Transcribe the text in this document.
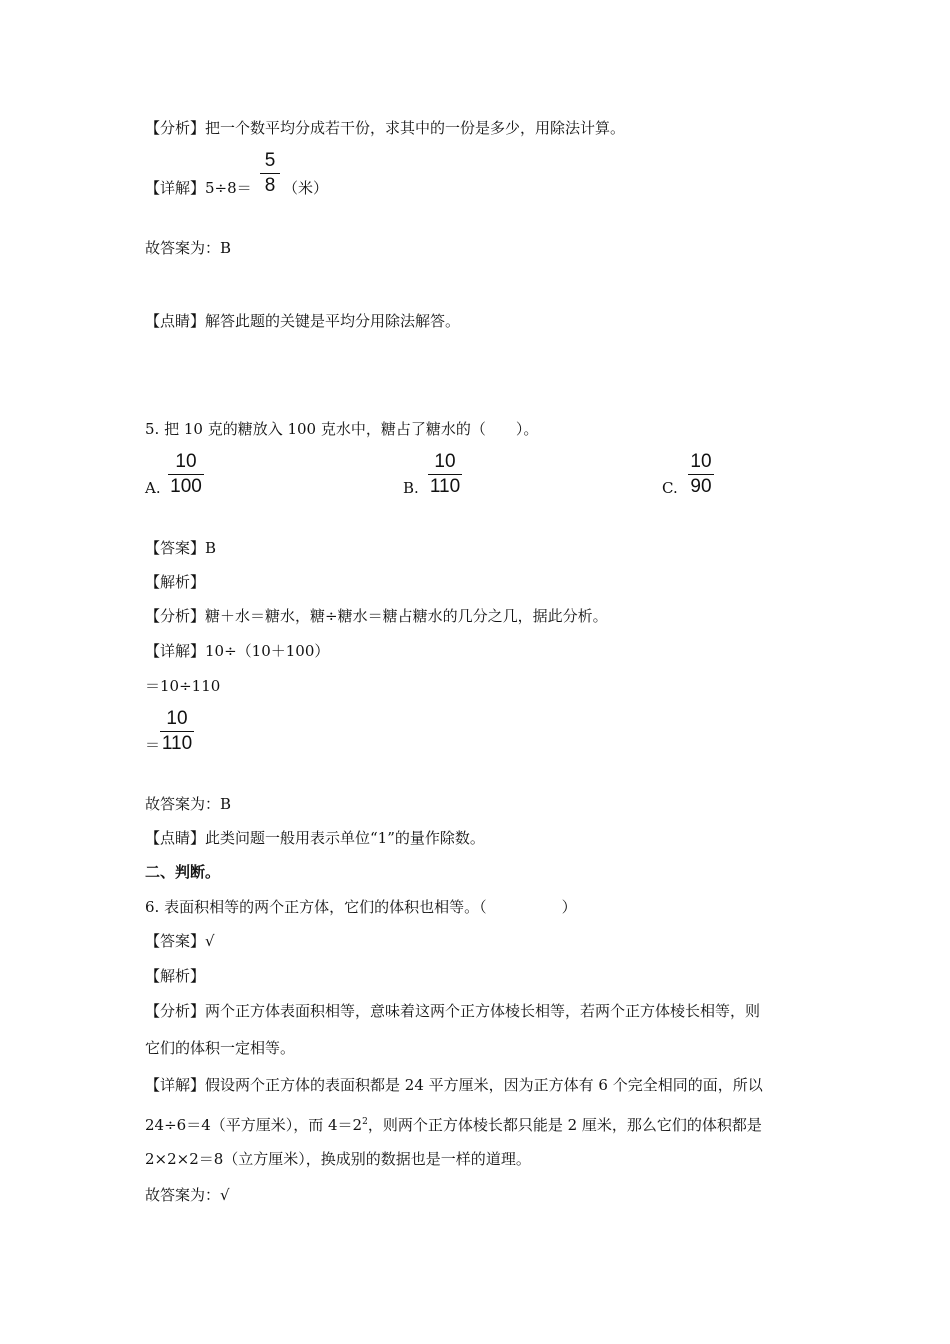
【分析】把一个数平均分成若干份，求其中的一份是多少，用除法计算。
【详解】5÷8＝
5
8 （米）
故答案为：B
【点睛】解答此题的关键是平均分用除法解答。
5. 把 10 克的糖放入 100 克水中，糖占了糖水的（　　）。
A.
10
100	B.
10
110	C.
10
90
【答案】B
【解析】
【分析】糖＋水＝糖水，糖÷糖水＝糖占糖水的几分之几，据此分析。
【详解】10÷（10＋100）
＝10÷110
＝
10
110
故答案为：B
【点睛】此类问题一般用表示单位“1”的量作除数。
二、判断。
6. 表面积相等的两个正方体，它们的体积也相等。（　　　　　）
【答案】√
【解析】
【分析】两个正方体表面积相等，意味着这两个正方体棱长相等，若两个正方体棱长相等，则
它们的体积一定相等。
【详解】假设两个正方体的表面积都是 24 平方厘米，因为正方体有 6 个完全相同的面，所以
24÷6＝4（平方厘米），而 $4=2^2$，则两个正方体棱长都只能是 2 厘米，那么它们的体积都是
2×2×2＝8（立方厘米），换成别的数据也是一样的道理。
故答案为：√
